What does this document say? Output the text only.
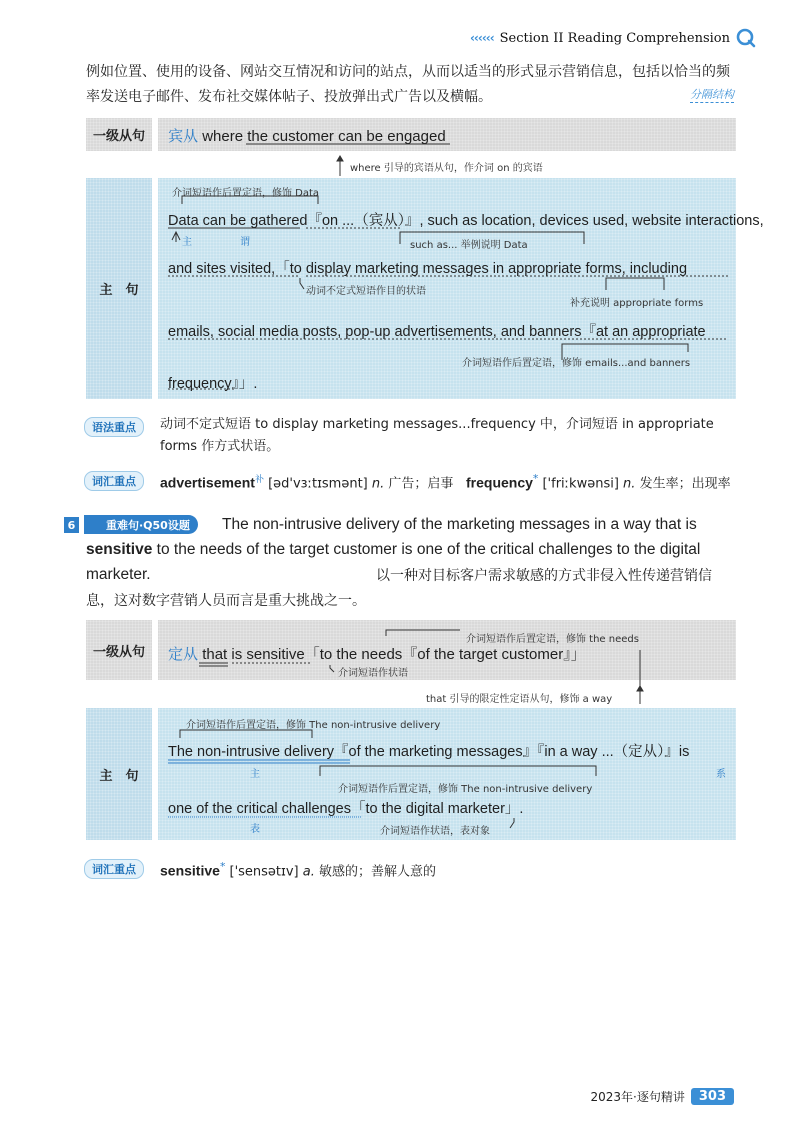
‹‹‹‹‹‹ Section II Reading Comprehension
例如位置、使用的设备、网站交互情况和访问的站点，从而以适当的形式显示营销信息，包括以恰当的频率发送电子邮件、发布社交媒体帖子、投放弹出式广告以及横幅。	分隔结构
一级从句	宾从 where the customer can be engaged
where 引导的宾语从句，作介词 on 的宾语
主　句
介词短语作后置定语，修饰 Data
Data can be gathered『on ...（宾从）』, such as location, devices used, website interactions,
主	谓	such as... 举例说明 Data
and sites visited,「to display marketing messages in appropriate forms, including
动词不定式短语作目的状语
补充说明 appropriate forms
emails, social media posts, pop-up advertisements, and banners『at an appropriate
介词短语作后置定语，修饰 emails...and banners
frequency』」.
语法重点	动词不定式短语 to display marketing messages...frequency 中，介词短语 in appropriate forms 作方式状语。
词汇重点	advertisement$^补$ [əd'vɜːtɪsmənt] n. 广告；启事 frequency* ['friːkwənsi] n. 发生率；出现率
6	重难句·Q50设题	The non-intrusive delivery of the marketing messages in a way that is sensitive to the needs of the target customer is one of the critical challenges to the digital marketer.	以一种对目标客户需求敏感的方式非侵入性传递营销信息，这对数字营销人员而言是重大挑战之一。
一级从句
介词短语作后置定语，修饰 the needs
定从 that is sensitive「to the needs『of the target customer』」
介词短语作状语
that 引导的限定性定语从句，修饰 a way
主　句
介词短语作后置定语，修饰 The non-intrusive delivery
The non-intrusive delivery『of the marketing messages』『in a way ...（定从）』is
主	系
介词短语作后置定语，修饰 The non-intrusive delivery
one of the critical challenges「to the digital marketer」.
表	介词短语作状语，表对象
词汇重点	sensitive* ['sensətɪv] a. 敏感的；善解人意的
2023年·逐句精讲	303
